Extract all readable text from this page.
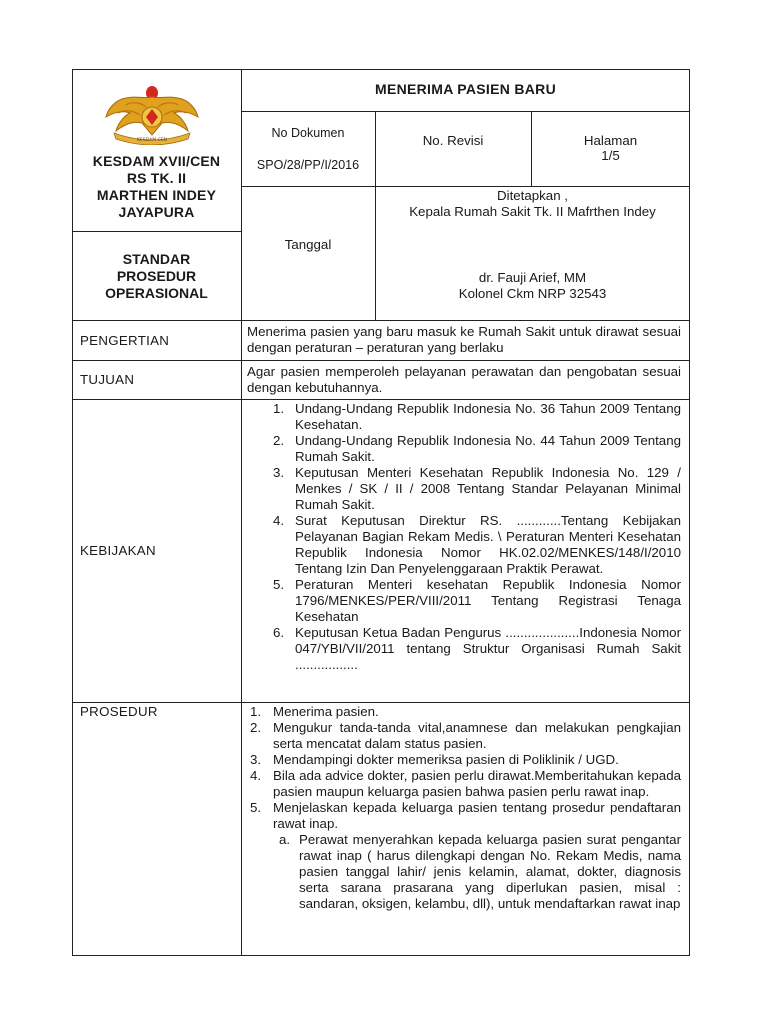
KESDAM CEN
KESDAM XVII/CEN
RS TK. II
MARTHEN INDEY
JAYAPURA
STANDAR
PROSEDUR
OPERASIONAL
MENERIMA PASIEN BARU
No Dokumen
SPO/28/PP/I/2016
No. Revisi	Halaman
1/5
Tanggal
Ditetapkan ,
Kepala Rumah Sakit Tk. II Mafrthen Indey
dr. Fauji Arief, MM
Kolonel Ckm NRP 32543
PENGERTIAN
Menerima pasien yang baru masuk ke Rumah Sakit untuk dirawat sesuai dengan peraturan – peraturan yang berlaku
TUJUAN
Agar pasien memperoleh pelayanan perawatan dan pengobatan sesuai dengan kebutuhannya.
KEBIJAKAN
1. Undang-Undang Republik Indonesia No. 36 Tahun 2009 Tentang Kesehatan.
2. Undang-Undang Republik Indonesia No. 44 Tahun 2009 Tentang Rumah Sakit.
3. Keputusan Menteri Kesehatan Republik Indonesia No. 129 / Menkes / SK / II / 2008 Tentang Standar Pelayanan Minimal Rumah Sakit.
4. Surat Keputusan Direktur RS. ............Tentang Kebijakan Pelayanan Bagian Rekam Medis. \ Peraturan Menteri Kesehatan Republik Indonesia Nomor HK.02.02/MENKES/148/I/2010 Tentang Izin Dan Penyelenggaraan Praktik Perawat.
5. Peraturan Menteri kesehatan Republik Indonesia Nomor 1796/MENKES/PER/VIII/2011 Tentang Registrasi Tenaga Kesehatan
6. Keputusan Ketua Badan Pengurus ....................Indonesia Nomor 047/YBI/VII/2011 tentang Struktur Organisasi Rumah Sakit .................
PROSEDUR	1. Menerima pasien.
2. Mengukur tanda-tanda vital,anamnese dan melakukan pengkajian serta mencatat dalam status pasien.
3. Mendampingi dokter memeriksa pasien di Poliklinik / UGD.
4. Bila ada advice dokter, pasien perlu dirawat.Memberitahukan kepada pasien maupun keluarga pasien bahwa pasien perlu rawat inap.
5. Menjelaskan kepada keluarga pasien tentang prosedur pendaftaran rawat inap.
a. Perawat menyerahkan kepada keluarga pasien surat pengantar rawat inap ( harus dilengkapi dengan No. Rekam Medis, nama pasien tanggal lahir/ jenis kelamin, alamat, dokter, diagnosis serta sarana prasarana yang diperlukan pasien, misal : sandaran, oksigen, kelambu, dll), untuk mendaftarkan rawat inap
